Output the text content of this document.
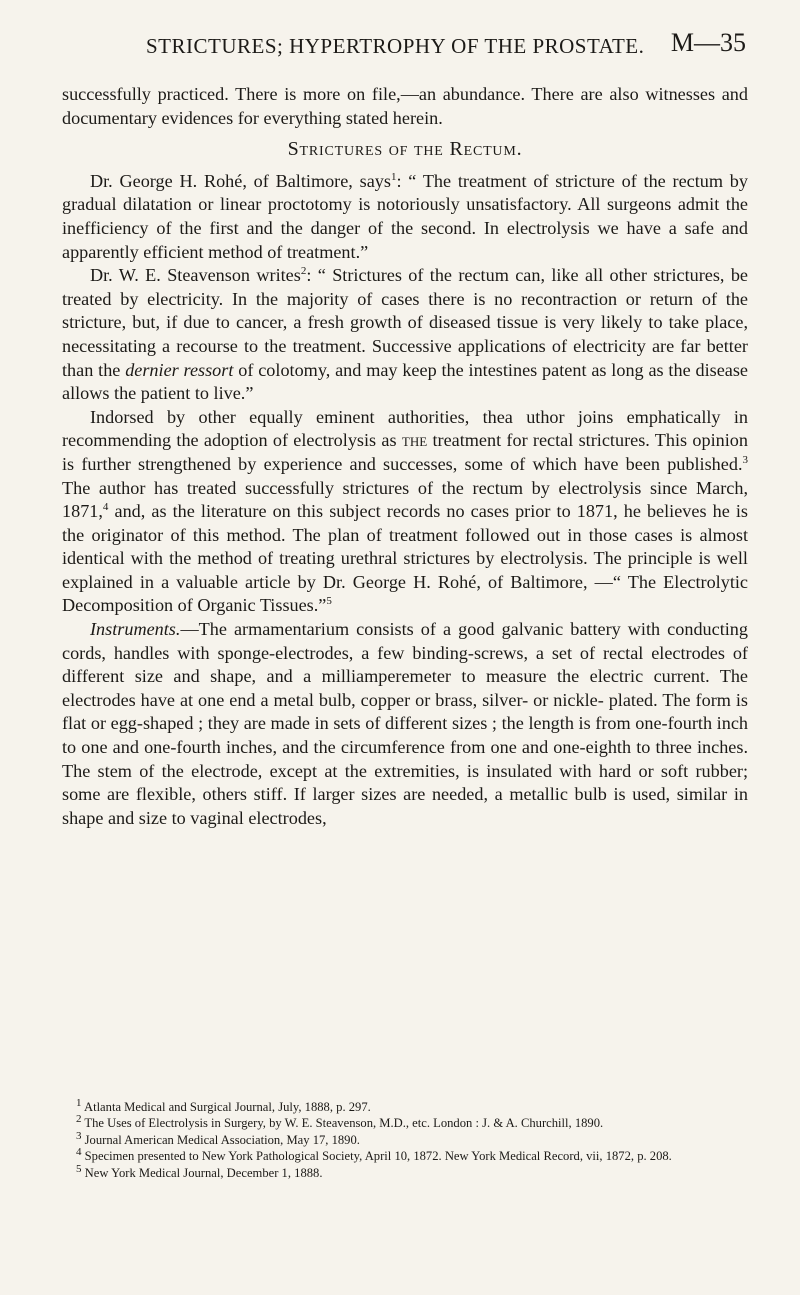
STRICTURES; HYPERTROPHY OF THE PROSTATE. M—35

successfully practiced. There is more on file,—an abundance. There are also witnesses and documentary evidences for everything stated herein.

Strictures of the Rectum.

Dr. George H. Rohé, of Baltimore, says$^1$: “ The treatment of stricture of the rectum by gradual dilatation or linear proctotomy is notoriously unsatisfactory. All surgeons admit the inefficiency of the first and the danger of the second. In electrolysis we have a safe and apparently efficient method of treatment.”

Dr. W. E. Steavenson writes$^2$: “ Strictures of the rectum can, like all other strictures, be treated by electricity. In the majority of cases there is no recontraction or return of the stricture, but, if due to cancer, a fresh growth of diseased tissue is very likely to take place, necessitating a recourse to the treatment. Successive applications of electricity are far better than the dernier ressort of colotomy, and may keep the intestines patent as long as the disease allows the patient to live.”

Indorsed by other equally eminent authorities, thea uthor joins emphatically in recommending the adoption of electrolysis as the treatment for rectal strictures. This opinion is further strengthened by experience and successes, some of which have been published.$^3$ The author has treated successfully strictures of the rectum by electrolysis since March, 1871,$^4$ and, as the literature on this subject records no cases prior to 1871, he believes he is the originator of this method. The plan of treatment followed out in those cases is almost identical with the method of treating urethral strictures by electrolysis. The principle is well explained in a valuable article by Dr. George H. Rohé, of Baltimore, —“ The Electrolytic Decomposition of Organic Tissues.”$^5$

Instruments.—The armamentarium consists of a good galvanic battery with conducting cords, handles with sponge-electrodes, a few binding-screws, a set of rectal electrodes of different size and shape, and a milliamperemeter to measure the electric current. The electrodes have at one end a metal bulb, copper or brass, silver- or nickle- plated. The form is flat or egg-shaped ; they are made in sets of different sizes ; the length is from one-fourth inch to one and one-fourth inches, and the circumference from one and one-eighth to three inches. The stem of the electrode, except at the extremities, is insulated with hard or soft rubber; some are flexible, others stiff. If larger sizes are needed, a metallic bulb is used, similar in shape and size to vaginal electrodes,

$^1$ Atlanta Medical and Surgical Journal, July, 1888, p. 297.

$^2$ The Uses of Electrolysis in Surgery, by W. E. Steavenson, M.D., etc. London : J. & A. Churchill, 1890.

$^3$ Journal American Medical Association, May 17, 1890.

$^4$ Specimen presented to New York Pathological Society, April 10, 1872. New York Medical Record, vii, 1872, p. 208.

$^5$ New York Medical Journal, December 1, 1888.
